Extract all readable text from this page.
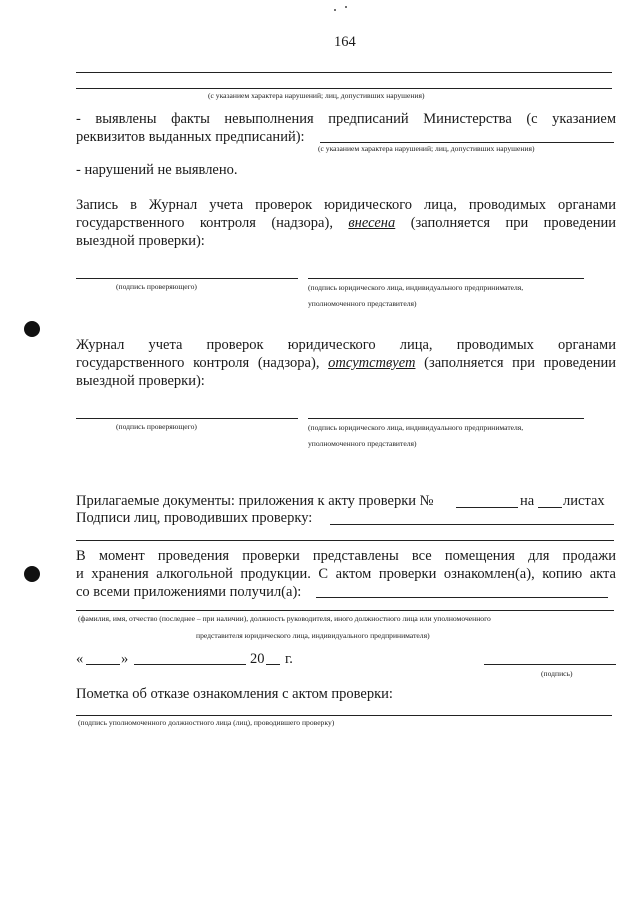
164
(с указанием характера нарушений; лиц, допустивших нарушения)
- выявлены факты невыполнения предписаний Министерства (с указанием
реквизитов выданных предписаний):
(с указанием характера нарушений; лиц, допустивших нарушения)
- нарушений не выявлено.
Запись в Журнал учета проверок юридического лица, проводимых органами
государственного контроля (надзора), внесена (заполняется при проведении
выездной проверки):
(подпись проверяющего)	(подпись юридического лица, индивидуального предпринимателя,
уполномоченного представителя)
Журнал учета проверок юридического лица, проводимых органами
государственного контроля (надзора), отсутствует (заполняется при проведении
выездной проверки):
(подпись проверяющего)	(подпись юридического лица, индивидуального предпринимателя,
уполномоченного представителя)
Прилагаемые документы: приложения к акту проверки №	на листах
Подписи лиц, проводивших проверку:
В момент проведения проверки представлены все помещения для продажи
и хранения алкогольной продукции. С актом проверки ознакомлен(а), копию акта
со всеми приложениями получил(а):
(фамилия, имя, отчество (последнее – при наличии), должность руководителя, иного должностного лица или уполномоченного
представителя юридического лица, индивидуального предпринимателя)
«	»	20 г.
(подпись)
Пометка об отказе ознакомления с актом проверки:
(подпись уполномоченного должностного лица (лиц), проводившего проверку)
